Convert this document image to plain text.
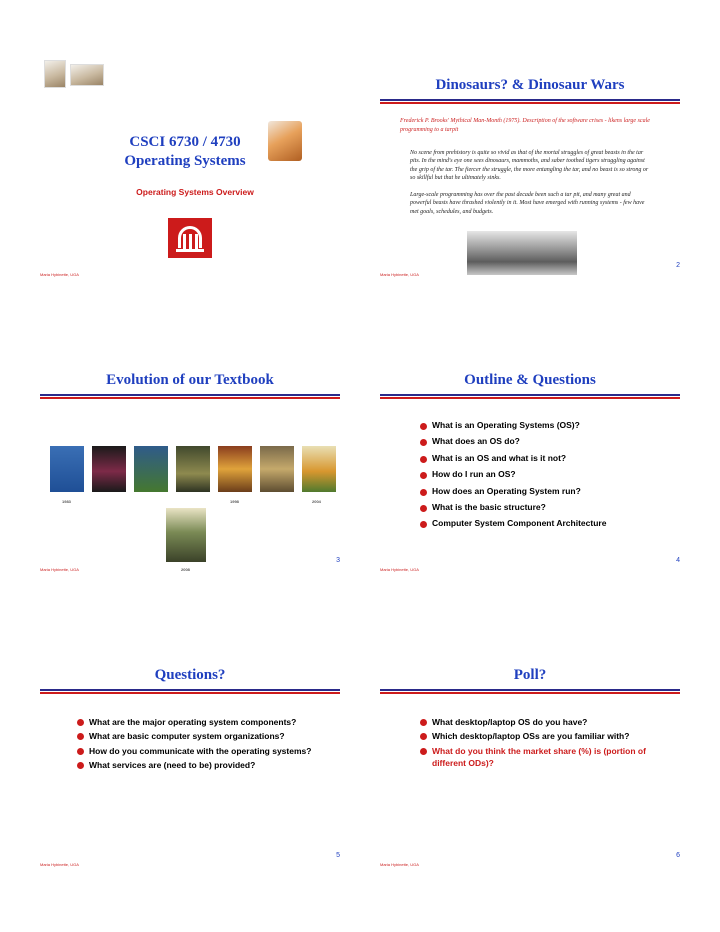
CSCI 6730 / 4730
Operating Systems
Operating Systems Overview
Maria Hybinette, UGA
Dinosaurs? & Dinosaur Wars
Frederick P. Brooks' Mythical Man-Month (1975). Description of the software crises - likens large scale programming to a tarpit
No scene from prehistory is quite so vivid as that of the mortal struggles of great beasts in the tar pits. In the mind's eye one sees dinosaurs, mammoths, and saber toothed tigers struggling against the grip of the tar. The fiercer the struggle, the more entangling the tar, and no beast is so strong or so skillful but that he ultimately sinks.
Large-scale programming has over the past decade been such a tar pit, and many great and powerful beasts have thrashed violently in it. Most have emerged with running systems - few have met goals, schedules, and budgets.
2
Maria Hybinette, UGA
Evolution of our Textbook
1983	1998	2004
2008
3
Maria Hybinette, UGA
Outline & Questions
What is an Operating Systems (OS)?
What does an OS do?
What is an OS and what is it not?
How do I run an OS?
How does an Operating System run?
What is the basic structure?
Computer System Component Architecture
4
Maria Hybinette, UGA
Questions?
What are the major operating system components?
What are basic computer system organizations?
How do you communicate with the operating systems?
What services are (need to be) provided?
5
Maria Hybinette, UGA
Poll?
What desktop/laptop OS do you have?
Which desktop/laptop OSs are you familiar with?
What do you think the market share (%) is (portion of different ODs)?
6
Maria Hybinette, UGA
